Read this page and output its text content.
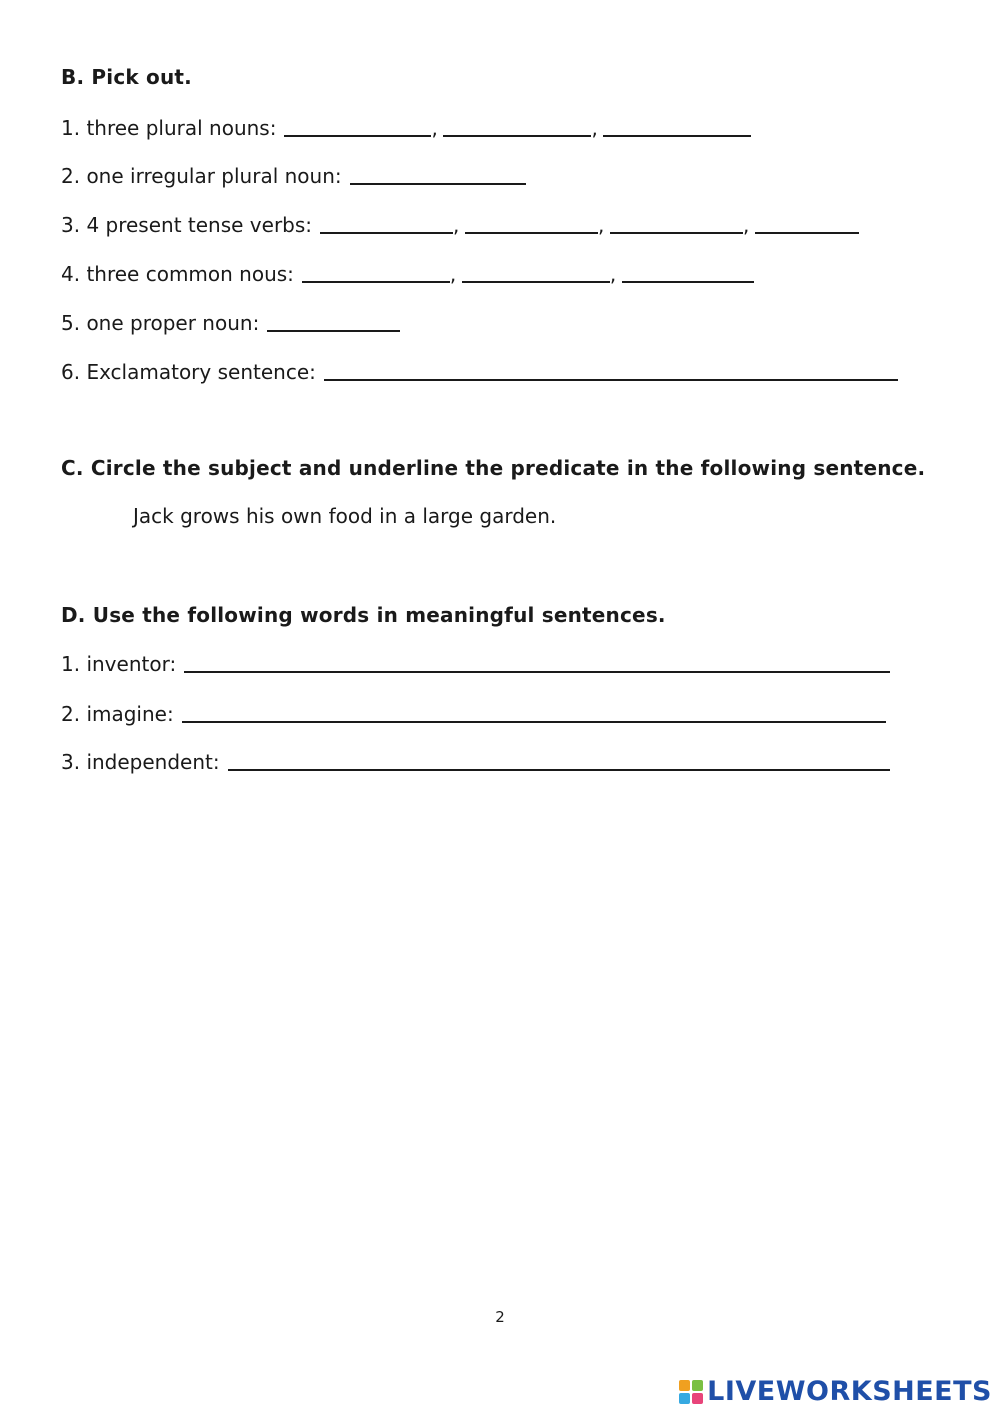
B. Pick out.
1. three plural nouns:	,	,
2. one irregular plural noun:
3. 4 present tense verbs:	,	,	,
4. three common nous:	,	,
5. one proper noun:
6. Exclamatory sentence:
C. Circle the subject and underline the predicate in the following sentence.
Jack grows his own food in a large garden.
D. Use the following words in meaningful sentences.
1. inventor:
2. imagine:
3. independent:
2
LIVEWORKSHEETS
